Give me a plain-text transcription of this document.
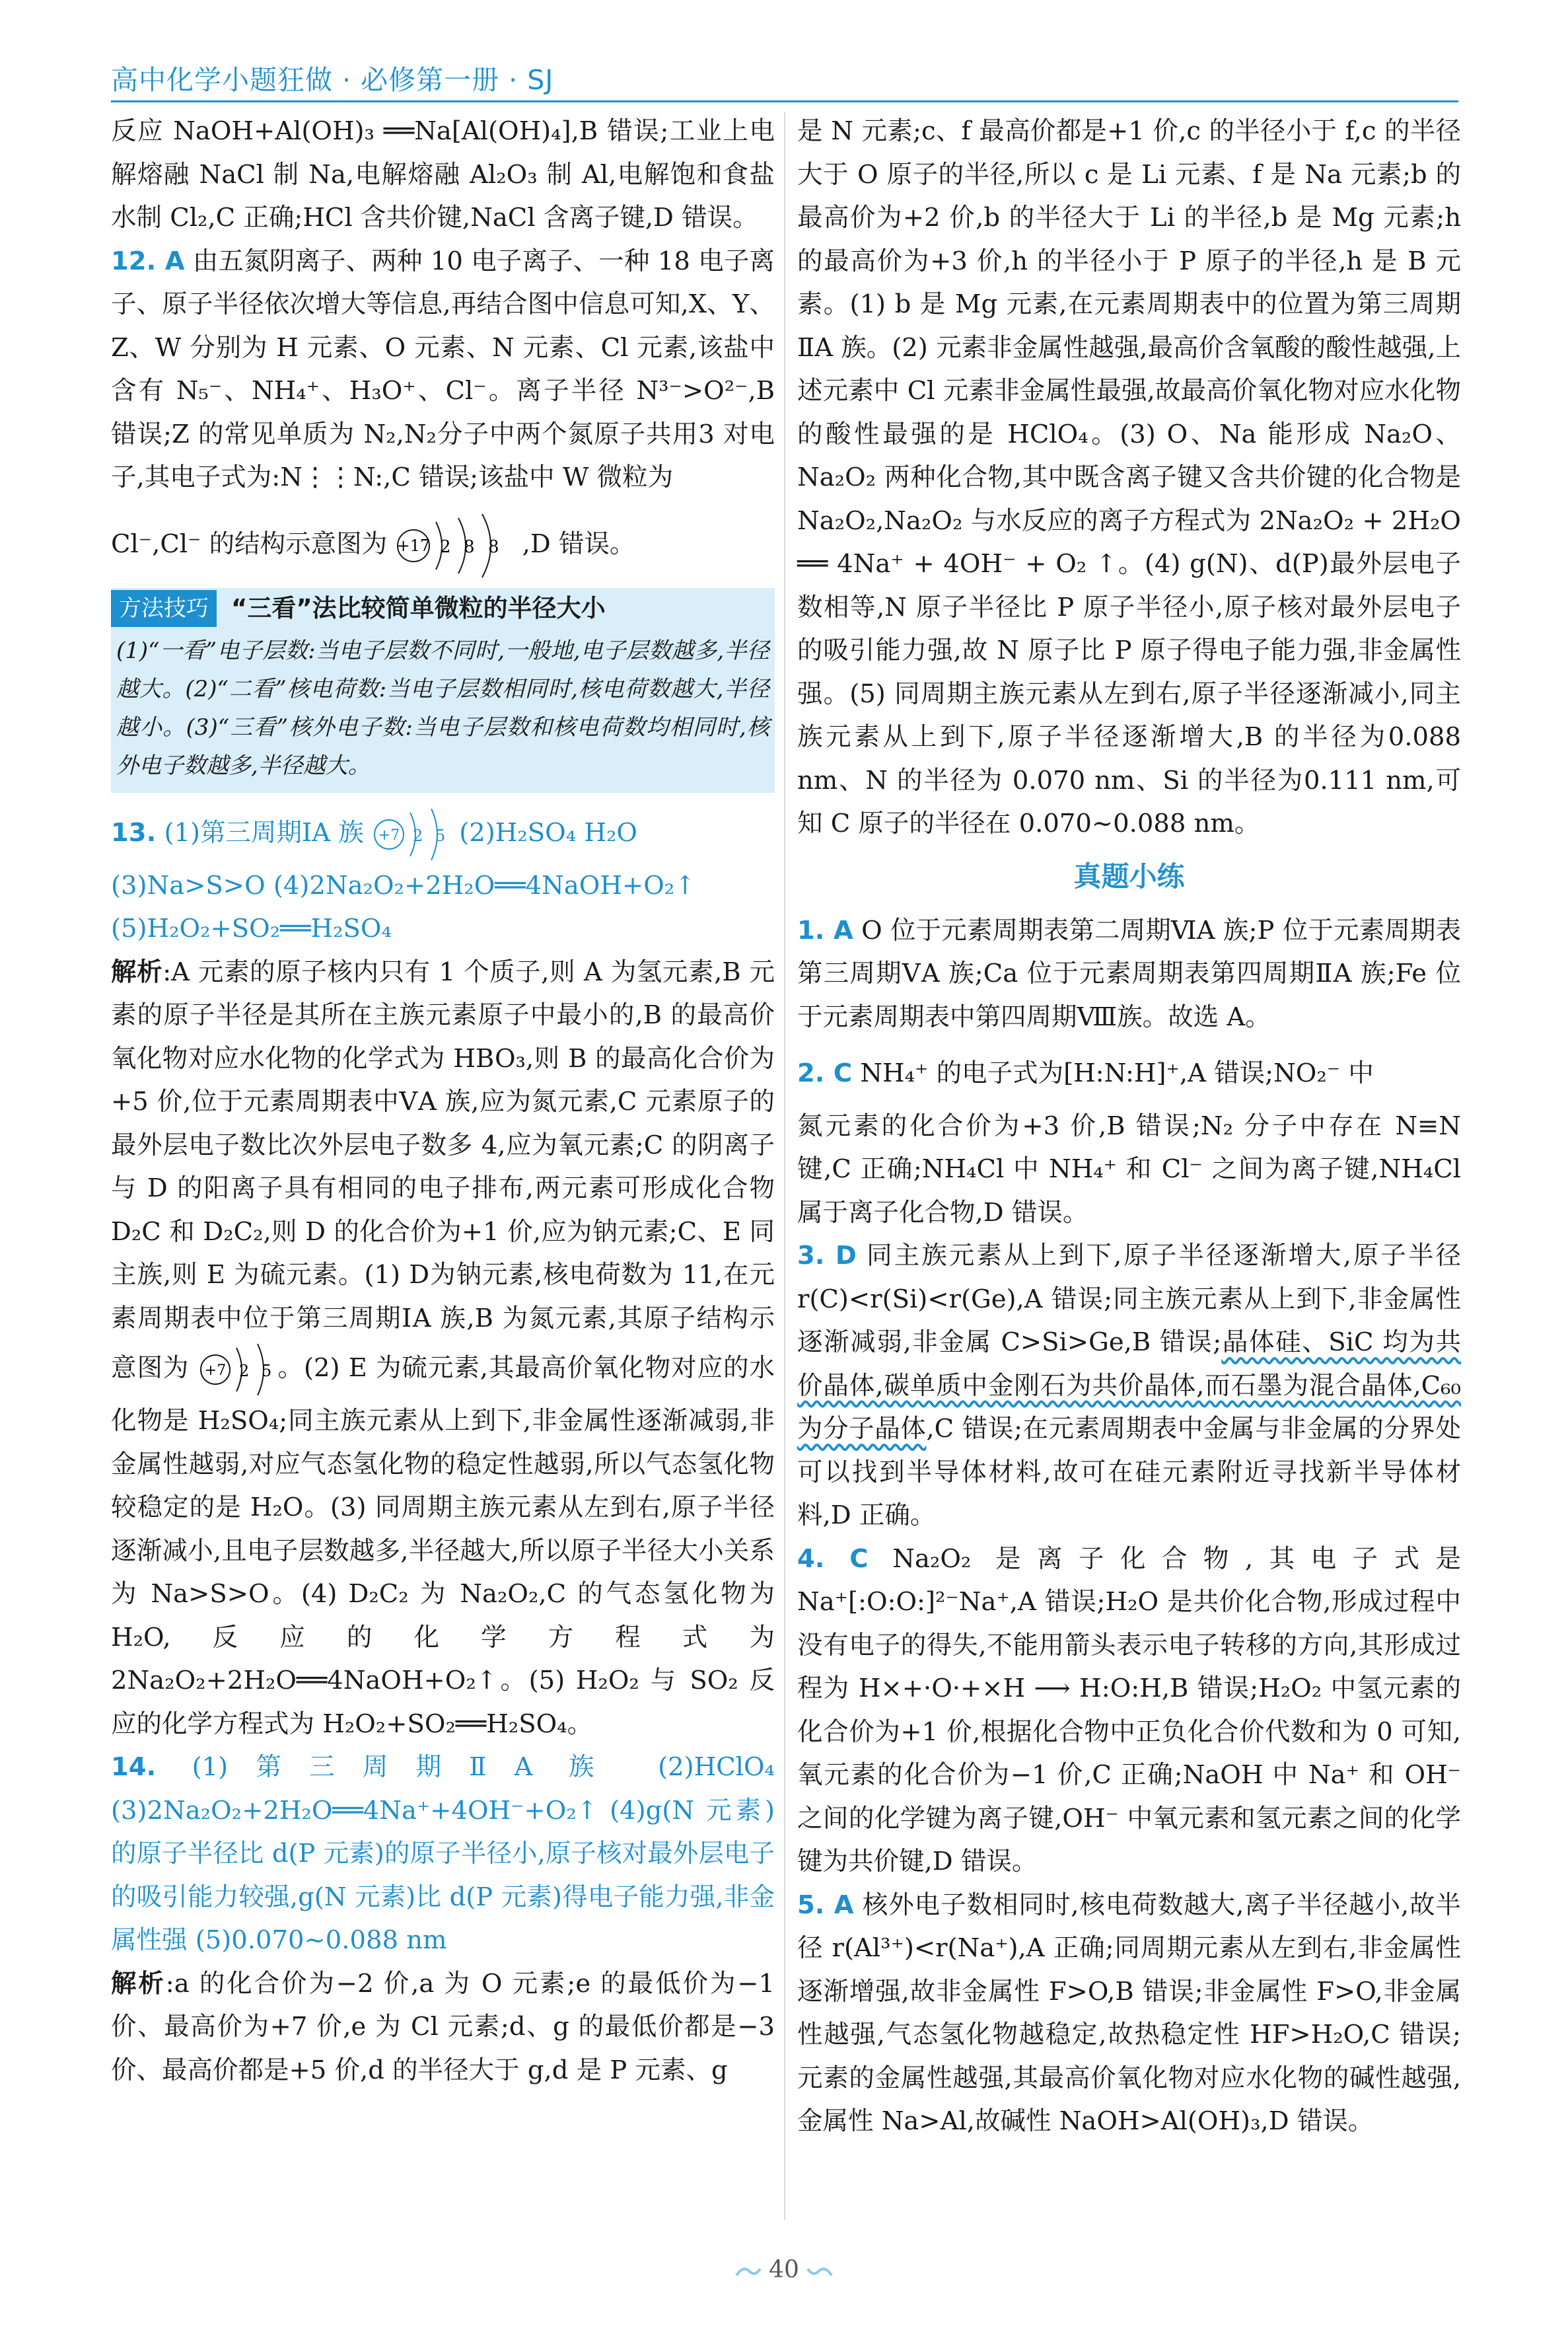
高中化学小题狂做 · 必修第一册 · SJ

反应 NaOH+Al(OH)₃ ══Na[Al(OH)₄],B 错误;工业上电解熔融 NaCl 制 Na,电解熔融 Al₂O₃ 制 Al,电解饱和食盐水制 Cl₂,C 正确;HCl 含共价键,NaCl 含离子键,D 错误。

12. A 由五氮阴离子、两种 10 电子离子、一种 18 电子离子、原子半径依次增大等信息,再结合图中信息可知,X、Y、Z、W 分别为 H 元素、O 元素、N 元素、Cl 元素,该盐中含有 N₅⁻、NH₄⁺、H₃O⁺、Cl⁻。离子半径 N³⁻>O²⁻,B 错误;Z 的常见单质为 N₂,N₂分子中两个氮原子共用3 对电子,其电子式为:N⋮⋮N:,C 错误;该盐中 W 微粒为

Cl⁻,Cl⁻ 的结构示意图为 +17 2 8 8 ,D 错误。

方法技巧 “三看”法比较简单微粒的半径大小
(1)“一看”电子层数:当电子层数不同时,一般地,电子层数越多,半径越大。(2)“二看”核电荷数:当电子层数相同时,核电荷数越大,半径越小。(3)“三看”核外电子数:当电子层数和核电荷数均相同时,核外电子数越多,半径越大。

13. (1)第三周期ⅠA 族 +7 2 5 (2)H₂SO₄ H₂O

(3)Na>S>O (4)2Na₂O₂+2H₂O══4NaOH+O₂↑

(5)H₂O₂+SO₂══H₂SO₄

解析:A 元素的原子核内只有 1 个质子,则 A 为氢元素,B 元素的原子半径是其所在主族元素原子中最小的,B 的最高价氧化物对应水化物的化学式为 HBO₃,则 B 的最高化合价为+5 价,位于元素周期表中ⅤA 族,应为氮元素,C 元素原子的最外层电子数比次外层电子数多 4,应为氧元素;C 的阴离子与 D 的阳离子具有相同的电子排布,两元素可形成化合物 D₂C 和 D₂C₂,则 D 的化合价为+1 价,应为钠元素;C、E 同主族,则 E 为硫元素。(1) D为钠元素,核电荷数为 11,在元素周期表中位于第三周期ⅠA 族,B 为氮元素,其原子结构示意图为 +7 2 5 。(2) E 为硫元素,其最高价氧化物对应的水化物是 H₂SO₄;同主族元素从上到下,非金属性逐渐减弱,非金属性越弱,对应气态氢化物的稳定性越弱,所以气态氢化物较稳定的是 H₂O。(3) 同周期主族元素从左到右,原子半径逐渐减小,且电子层数越多,半径越大,所以原子半径大小关系为 Na>S>O。(4) D₂C₂ 为 Na₂O₂,C 的气态氢化物为 H₂O,反应的化学方程式为 2Na₂O₂+2H₂O══4NaOH+O₂↑。(5) H₂O₂ 与 SO₂ 反应的化学方程式为 H₂O₂+SO₂══H₂SO₄。

14. (1)第三周期ⅡA 族 (2)HClO₄ (3)2Na₂O₂+2H₂O══4Na⁺+4OH⁻+O₂↑ (4)g(N 元素)的原子半径比 d(P 元素)的原子半径小,原子核对最外层电子的吸引能力较强,g(N 元素)比 d(P 元素)得电子能力强,非金属性强 (5)0.070~0.088 nm

解析:a 的化合价为−2 价,a 为 O 元素;e 的最低价为−1 价、最高价为+7 价,e 为 Cl 元素;d、g 的最低价都是−3价、最高价都是+5 价,d 的半径大于 g,d 是 P 元素、g

是 N 元素;c、f 最高价都是+1 价,c 的半径小于 f,c 的半径大于 O 原子的半径,所以 c 是 Li 元素、f 是 Na 元素;b 的最高价为+2 价,b 的半径大于 Li 的半径,b 是 Mg 元素;h 的最高价为+3 价,h 的半径小于 P 原子的半径,h 是 B 元素。(1) b 是 Mg 元素,在元素周期表中的位置为第三周期ⅡA 族。(2) 元素非金属性越强,最高价含氧酸的酸性越强,上述元素中 Cl 元素非金属性最强,故最高价氧化物对应水化物的酸性最强的是 HClO₄。(3) O、Na 能形成 Na₂O、Na₂O₂ 两种化合物,其中既含离子键又含共价键的化合物是 Na₂O₂,Na₂O₂ 与水反应的离子方程式为 2Na₂O₂ + 2H₂O ══ 4Na⁺ + 4OH⁻ + O₂ ↑。(4) g(N)、d(P)最外层电子数相等,N 原子半径比 P 原子半径小,原子核对最外层电子的吸引能力强,故 N 原子比 P 原子得电子能力强,非金属性强。(5) 同周期主族元素从左到右,原子半径逐渐减小,同主族元素从上到下,原子半径逐渐增大,B 的半径为0.088 nm、N 的半径为 0.070 nm、Si 的半径为0.111 nm,可知 C 原子的半径在 0.070~0.088 nm。

真题小练

1. A O 位于元素周期表第二周期ⅥA 族;P 位于元素周期表第三周期ⅤA 族;Ca 位于元素周期表第四周期ⅡA 族;Fe 位于元素周期表中第四周期Ⅷ族。故选 A。

2. C NH₄⁺ 的电子式为[H:N:H]⁺,A 错误;NO₂⁻ 中

氮元素的化合价为+3 价,B 错误;N₂ 分子中存在 N≡N 键,C 正确;NH₄Cl 中 NH₄⁺ 和 Cl⁻ 之间为离子键,NH₄Cl 属于离子化合物,D 错误。

3. D 同主族元素从上到下,原子半径逐渐增大,原子半径 r(C)<r(Si)<r(Ge),A 错误;同主族元素从上到下,非金属性逐渐减弱,非金属 C>Si>Ge,B 错误;晶体硅、SiC 均为共价晶体,碳单质中金刚石为共价晶体,而石墨为混合晶体,C₆₀ 为分子晶体,C 错误;在元素周期表中金属与非金属的分界处可以找到半导体材料,故可在硅元素附近寻找新半导体材料,D 正确。

4. C Na₂O₂ 是离子化合物,其电子式是 Na⁺[:O:O:]²⁻Na⁺,A 错误;H₂O 是共价化合物,形成过程中没有电子的得失,不能用箭头表示电子转移的方向,其形成过程为 H×+·O·+×H ⟶ H:O:H,B 错误;H₂O₂ 中氢元素的化合价为+1 价,根据化合物中正负化合价代数和为 0 可知,氧元素的化合价为−1 价,C 正确;NaOH 中 Na⁺ 和 OH⁻ 之间的化学键为离子键,OH⁻ 中氧元素和氢元素之间的化学键为共价键,D 错误。

5. A 核外电子数相同时,核电荷数越大,离子半径越小,故半径 r(Al³⁺)<r(Na⁺),A 正确;同周期元素从左到右,非金属性逐渐增强,故非金属性 F>O,B 错误;非金属性 F>O,非金属性越强,气态氢化物越稳定,故热稳定性 HF>H₂O,C 错误;元素的金属性越强,其最高价氧化物对应水化物的碱性越强,金属性 Na>Al,故碱性 NaOH>Al(OH)₃,D 错误。

40
